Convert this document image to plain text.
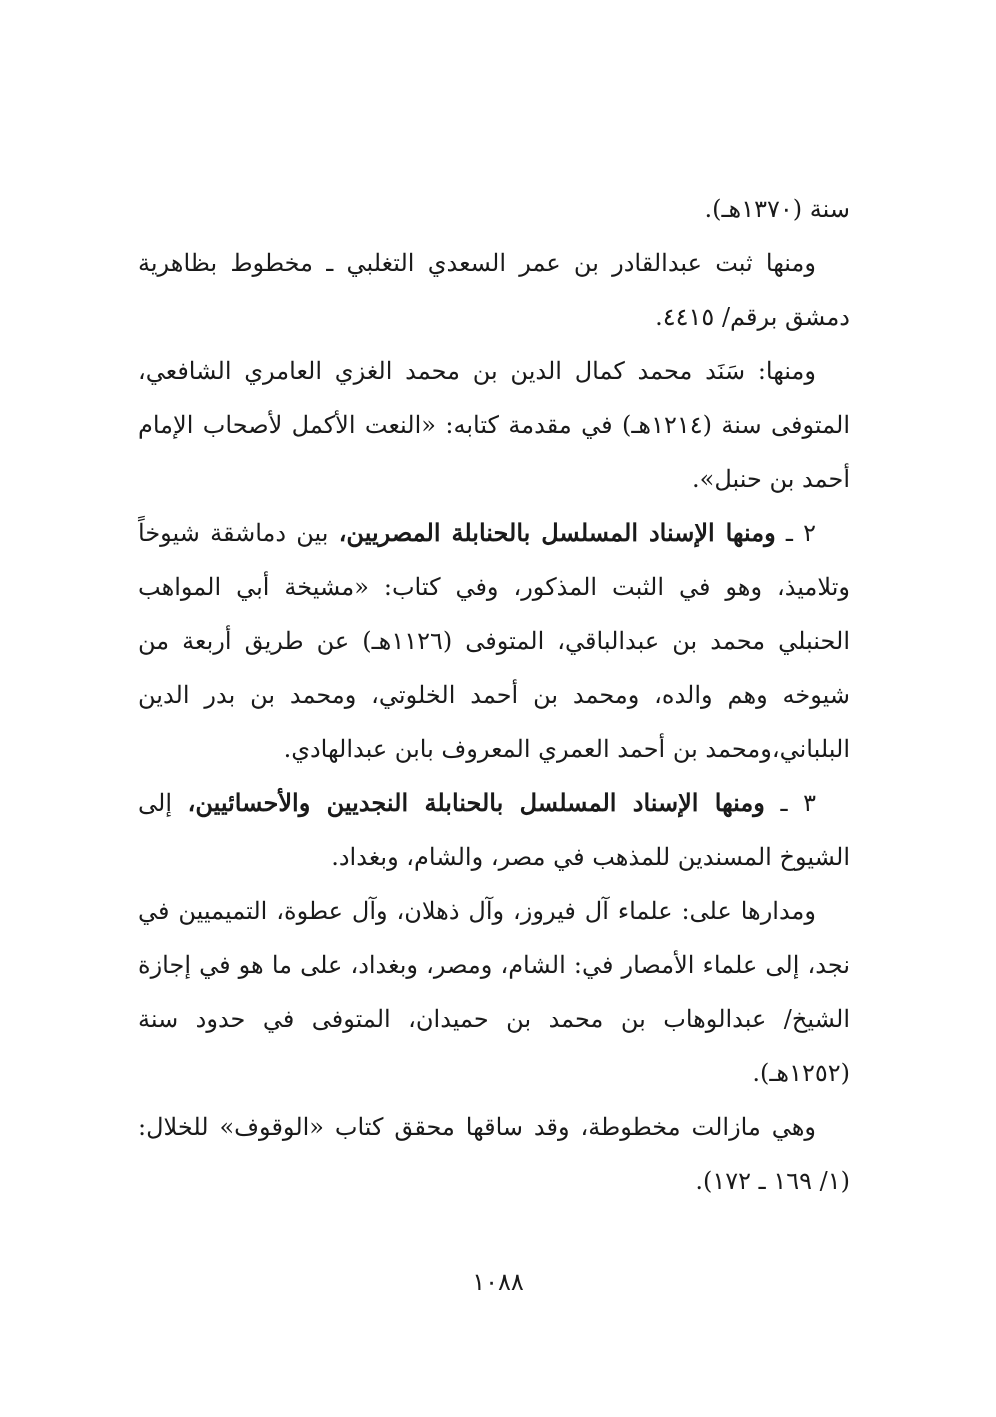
سنة (١٣٧٠هـ).

ومنها ثبت عبدالقادر بن عمر السعدي التغلبي ـ مخطوط بظاهرية دمشق برقم/ ٤٤١٥.

ومنها: سَنَد محمد كمال الدين بن محمد الغزي العامري الشافعي، المتوفى سنة (١٢١٤هـ) في مقدمة كتابه: «النعت الأكمل لأصحاب الإمام أحمد بن حنبل».

٢ ـ ومنها الإسناد المسلسل بالحنابلة المصريين، بين دماشقة شيوخاً وتلاميذ، وهو في الثبت المذكور، وفي كتاب: «مشيخة أبي المواهب الحنبلي محمد بن عبدالباقي، المتوفى (١١٢٦هـ) عن طريق أربعة من شيوخه وهم والده، ومحمد بن أحمد الخلوتي، ومحمد بن بدر الدين البلباني،ومحمد بن أحمد العمري المعروف بابن عبدالهادي.

٣ ـ ومنها الإسناد المسلسل بالحنابلة النجديين والأحسائيين، إلى الشيوخ المسندين للمذهب في مصر، والشام، وبغداد.

ومدارها على: علماء آل فيروز، وآل ذهلان، وآل عطوة، التميميين في نجد، إلى علماء الأمصار في: الشام، ومصر، وبغداد، على ما هو في إجازة الشيخ/ عبدالوهاب بن محمد بن حميدان، المتوفى في حدود سنة (١٢٥٢هـ).

وهي مازالت مخطوطة، وقد ساقها محقق كتاب «الوقوف» للخلال: (١/ ١٦٩ ـ ١٧٢).

١٠٨٨
